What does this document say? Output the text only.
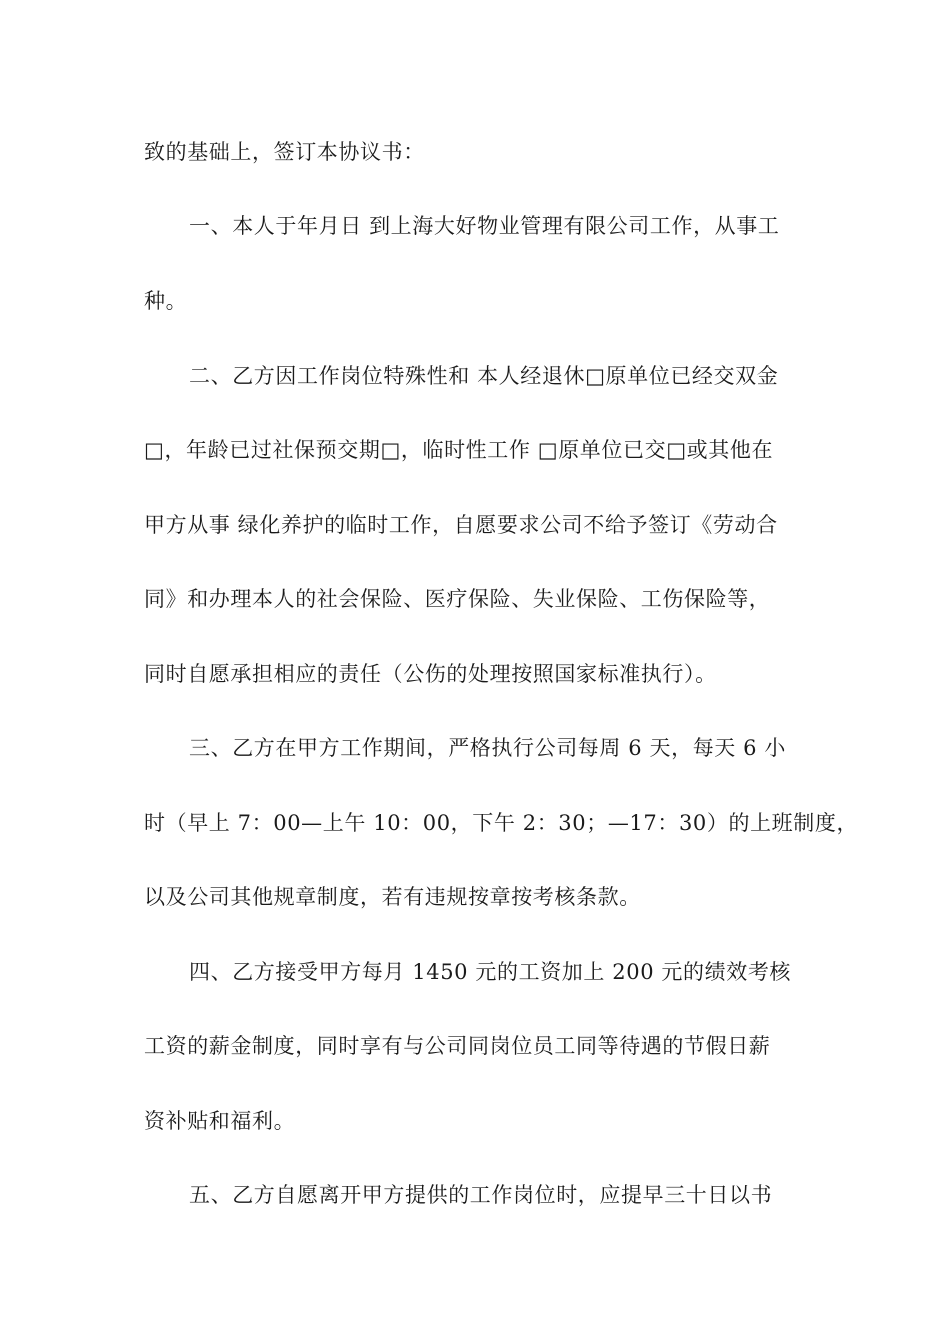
致的基础上，签订本协议书：

一、本人于年月日 到上海大好物业管理有限公司工作，从事工

种。

二、乙方因工作岗位特殊性和 本人经退休□原单位已经交双金

□，年龄已过社保预交期□，临时性工作 □原单位已交□或其他在

甲方从事 绿化养护的临时工作，自愿要求公司不给予签订《劳动合

同》和办理本人的社会保险、医疗保险、失业保险、工伤保险等，

同时自愿承担相应的责任（公伤的处理按照国家标准执行）。

三、乙方在甲方工作期间，严格执行公司每周 6 天，每天 6 小

时（早上 7：00—上午 10：00，下午 2：30；—17：30）的上班制度，

以及公司其他规章制度，若有违规按章按考核条款。

四、乙方接受甲方每月 1450 元的工资加上 200 元的绩效考核

工资的薪金制度，同时享有与公司同岗位员工同等待遇的节假日薪

资补贴和福利。

五、乙方自愿离开甲方提供的工作岗位时，应提早三十日以书
